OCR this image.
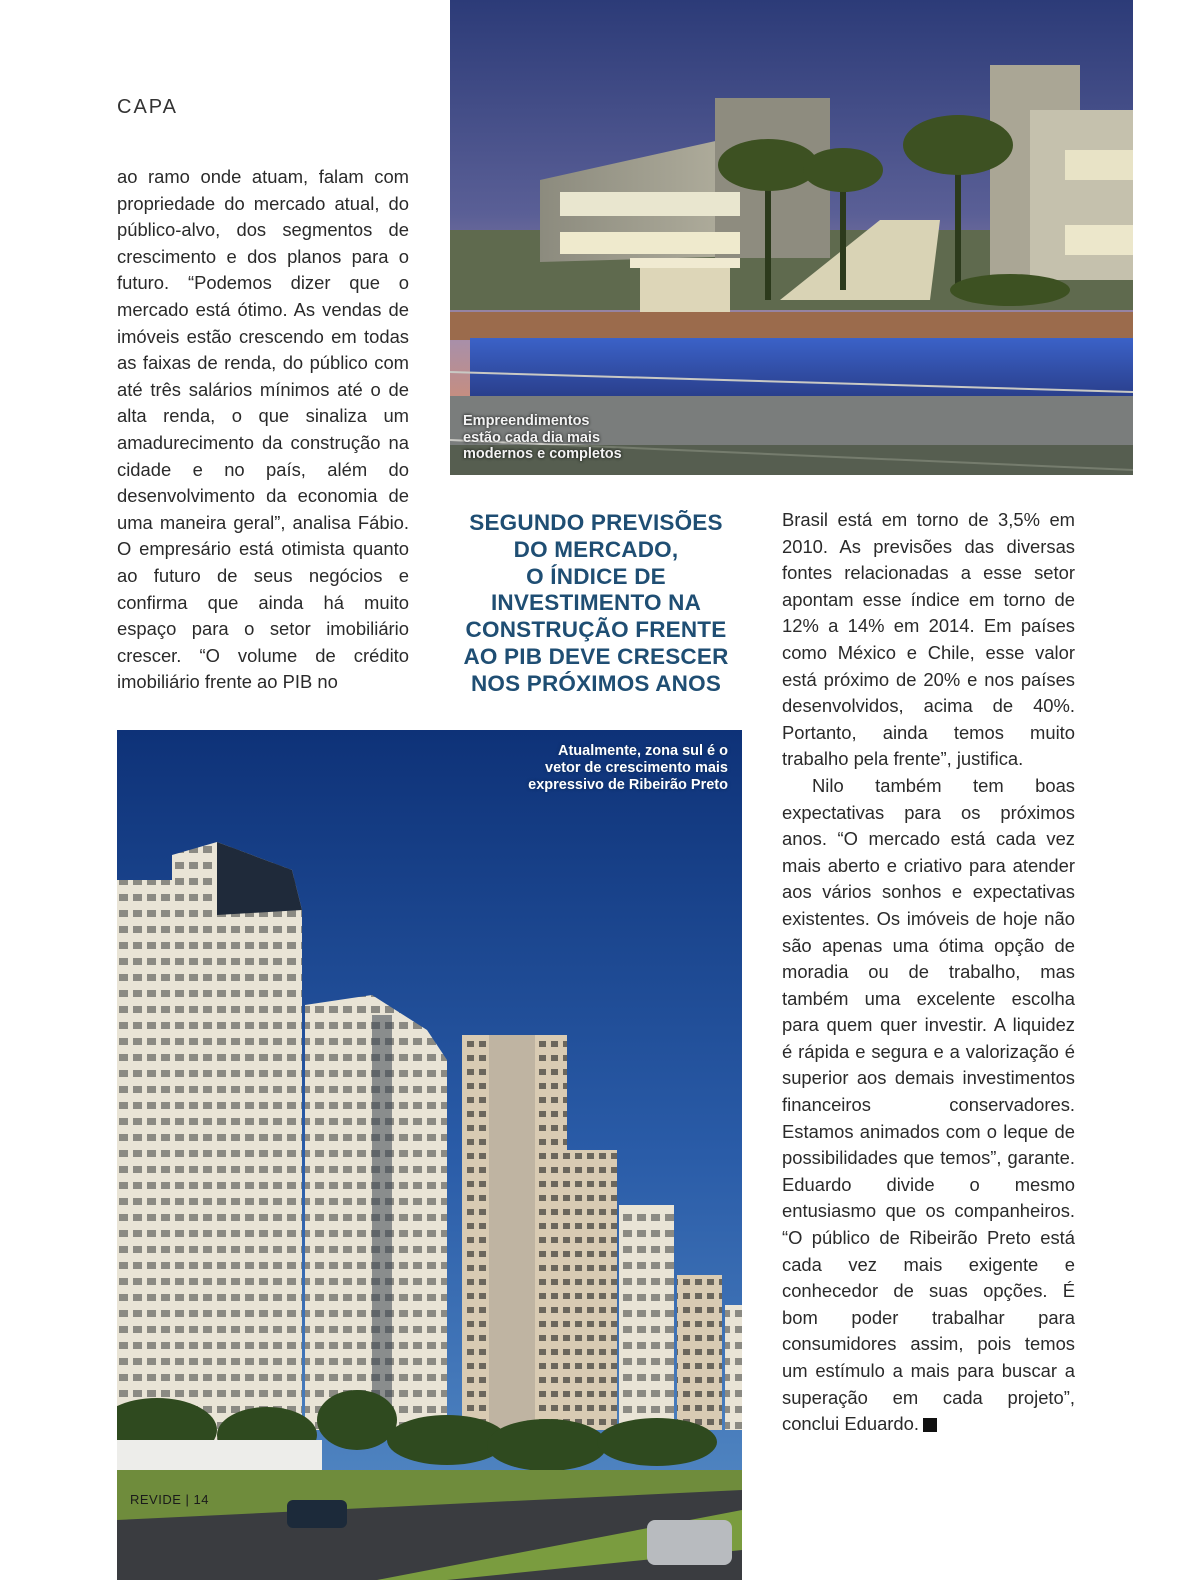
CAPA

ao ramo onde atuam, falam com propriedade do mercado atual, do público-alvo, dos segmentos de crescimento e dos planos para o futuro. “Podemos dizer que o mercado está ótimo. As vendas de imóveis estão crescendo em todas as faixas de renda, do público com até três salários mínimos até o de alta renda, o que sinaliza um amadurecimento da construção na cidade e no país, além do desenvolvimento da economia de uma maneira geral”, analisa Fábio. O empresário está otimista quanto ao futuro de seus negócios e confirma que ainda há muito espaço para o setor imobiliário crescer. “O volume de crédito imobiliário frente ao PIB no

Empreendimentos
estão cada dia mais
modernos e completos
SEGUNDO PREVISÕES
DO MERCADO,
O ÍNDICE DE
INVESTIMENTO NA
CONSTRUÇÃO FRENTE
AO PIB DEVE CRESCER
NOS PRÓXIMOS ANOS

Brasil está em torno de 3,5% em 2010. As previsões das diversas fontes relacionadas a esse setor apontam esse índice em torno de 12% a 14% em 2014. Em países como México e Chile, esse valor está próximo de 20% e nos países desenvolvidos, acima de 40%. Portanto, ainda temos muito trabalho pela frente”, justifica.

Nilo também tem boas expectativas para os próximos anos. “O mercado está cada vez mais aberto e criativo para atender aos vários sonhos e expectativas existentes. Os imóveis de hoje não são apenas uma ótima opção de moradia ou de trabalho, mas também uma excelente escolha para quem quer investir. A liquidez é rápida e segura e a valorização é superior aos demais investimentos financeiros conservadores. Estamos animados com o leque de possibilidades que temos”, garante. Eduardo divide o mesmo entusiasmo que os companheiros. “O público de Ribeirão Preto está cada vez mais exigente e conhecedor de suas opções. É bom poder trabalhar para consumidores assim, pois temos um estímulo a mais para buscar a superação em cada projeto”, conclui Eduardo.	r

Atualmente, zona sul é o
vetor de crescimento mais
expressivo de Ribeirão Preto
REVIDE | 14
